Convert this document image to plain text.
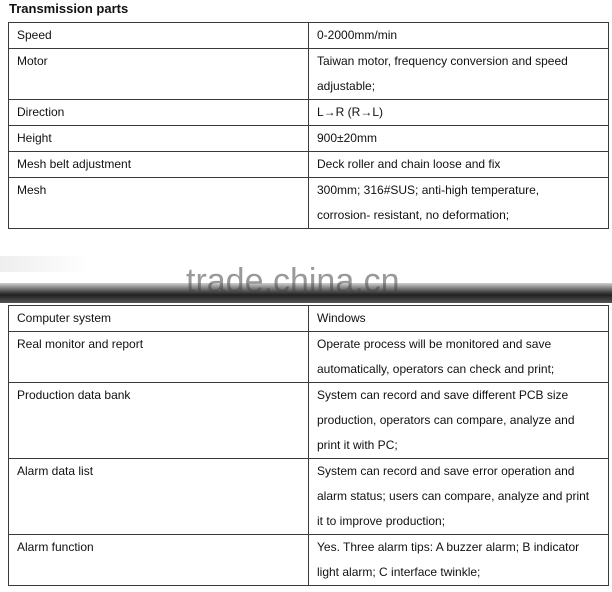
Transmission parts
Speed	0-2000mm/min
Motor	Taiwan motor, frequency conversion and speed
adjustable;
Direction	L→R (R→L)
Height	900±20mm
Mesh belt adjustment	Deck roller and chain loose and fix
Mesh	300mm; 316#SUS; anti-high temperature,
corrosion- resistant, no deformation;
trade.china.cn
Computer system	Windows
Real monitor and report	Operate process will be monitored and save
automatically, operators can check and print;
Production data bank	System can record and save different PCB size
production, operators can compare, analyze and
print it with PC;
Alarm data list	System can record and save error operation and
alarm status; users can compare, analyze and print
it to improve production;
Alarm function	Yes. Three alarm tips: A buzzer alarm; B indicator
light alarm; C interface twinkle;
